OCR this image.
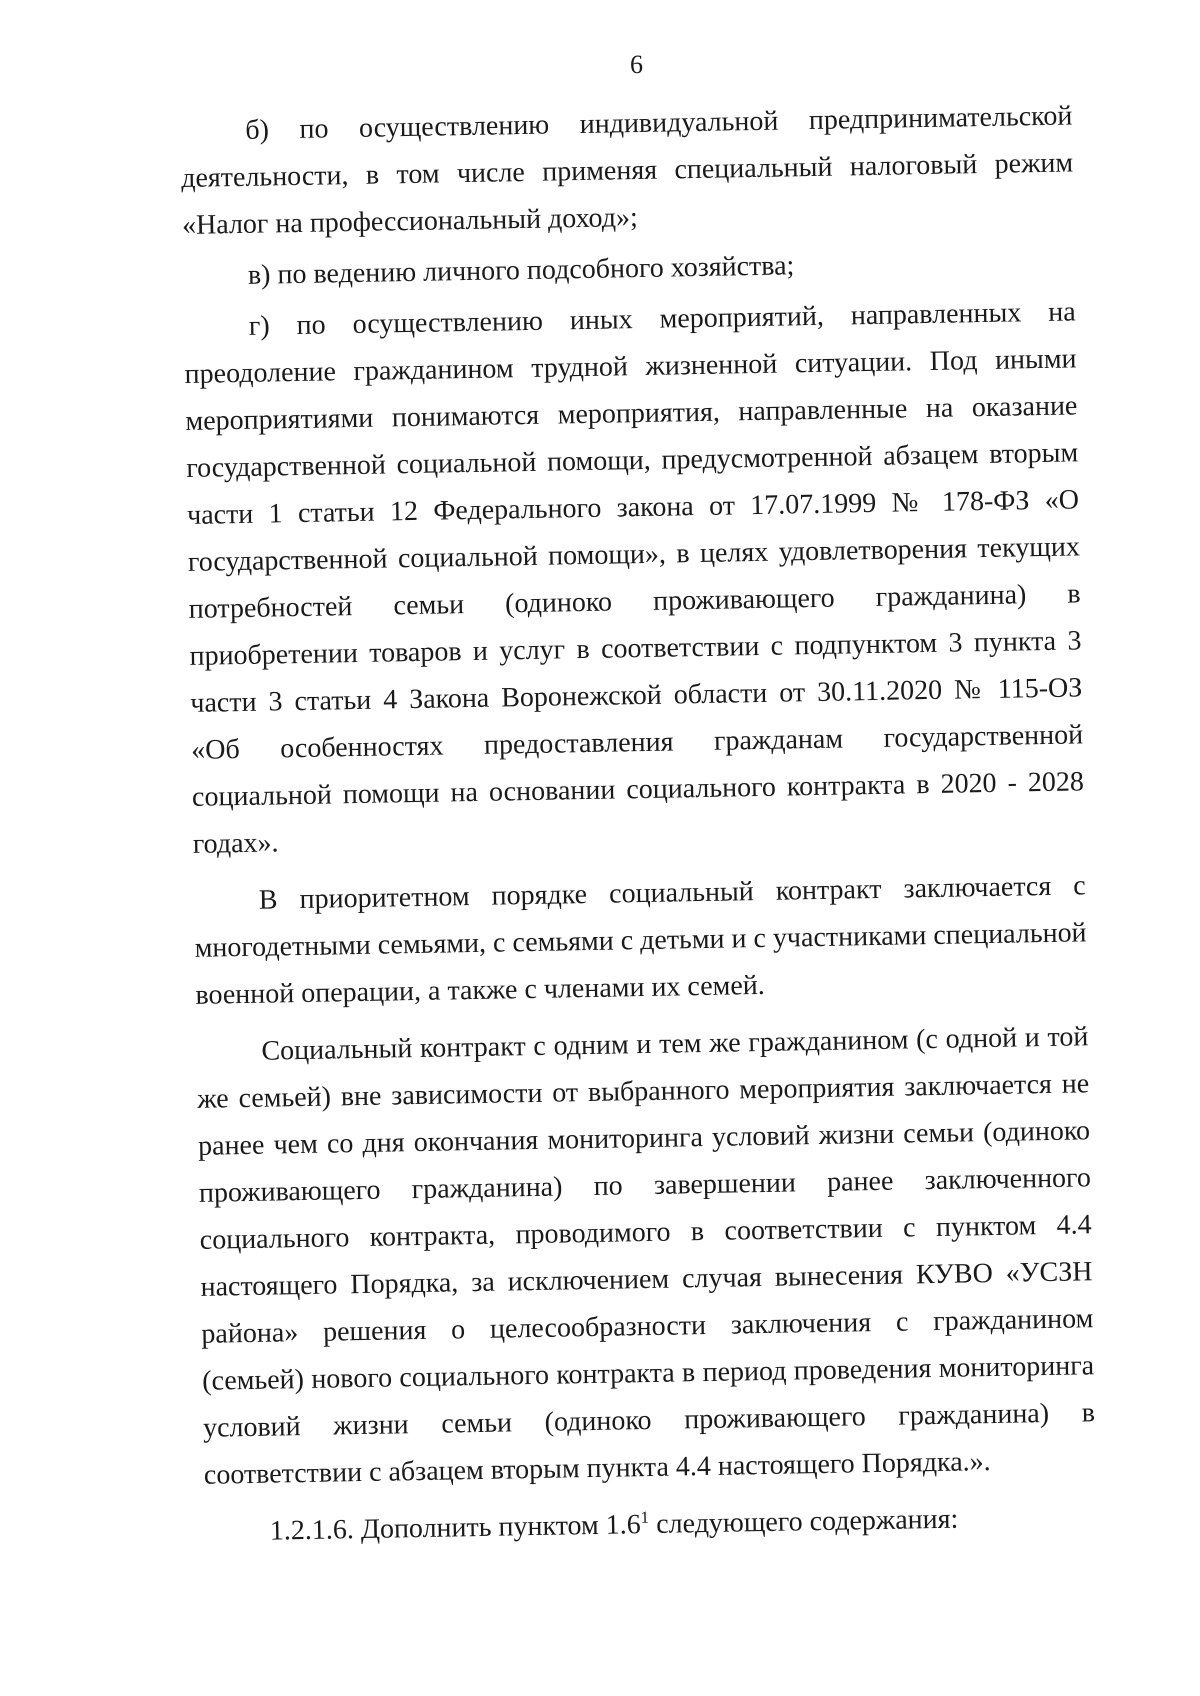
6

б) по осуществлению индивидуальной предпринимательской деятельности, в том числе применяя специальный налоговый режим «Налог на профессиональный доход»;

в) по ведению личного подсобного хозяйства;

г) по осуществлению иных мероприятий, направленных на преодоление гражданином трудной жизненной ситуации. Под иными мероприятиями понимаются мероприятия, направленные на оказание государственной социальной помощи, предусмотренной абзацем вторым части 1 статьи 12 Федерального закона от 17.07.1999 № 178-ФЗ «О государственной социальной помощи», в целях удовлетворения текущих потребностей семьи (одиноко проживающего гражданина) в приобретении товаров и услуг в соответствии с подпунктом 3 пункта 3 части 3 статьи 4 Закона Воронежской области от 30.11.2020 № 115-ОЗ «Об особенностях предоставления гражданам государственной социальной помощи на основании социального контракта в 2020 - 2028 годах».

В приоритетном порядке социальный контракт заключается с многодетными семьями, с семьями с детьми и с участниками специальной военной операции, а также с членами их семей.

Социальный контракт с одним и тем же гражданином (с одной и той же семьей) вне зависимости от выбранного мероприятия заключается не ранее чем со дня окончания мониторинга условий жизни семьи (одиноко проживающего гражданина) по завершении ранее заключенного социального контракта, проводимого в соответствии с пунктом 4.4 настоящего Порядка, за исключением случая вынесения КУВО «УСЗН района» решения о целесообразности заключения с гражданином (семьей) нового социального контракта в период проведения мониторинга условий жизни семьи (одиноко проживающего гражданина) в соответствии с абзацем вторым пункта 4.4 настоящего Порядка.».

1.2.1.6. Дополнить пунктом $1.6^1$ следующего содержания:
